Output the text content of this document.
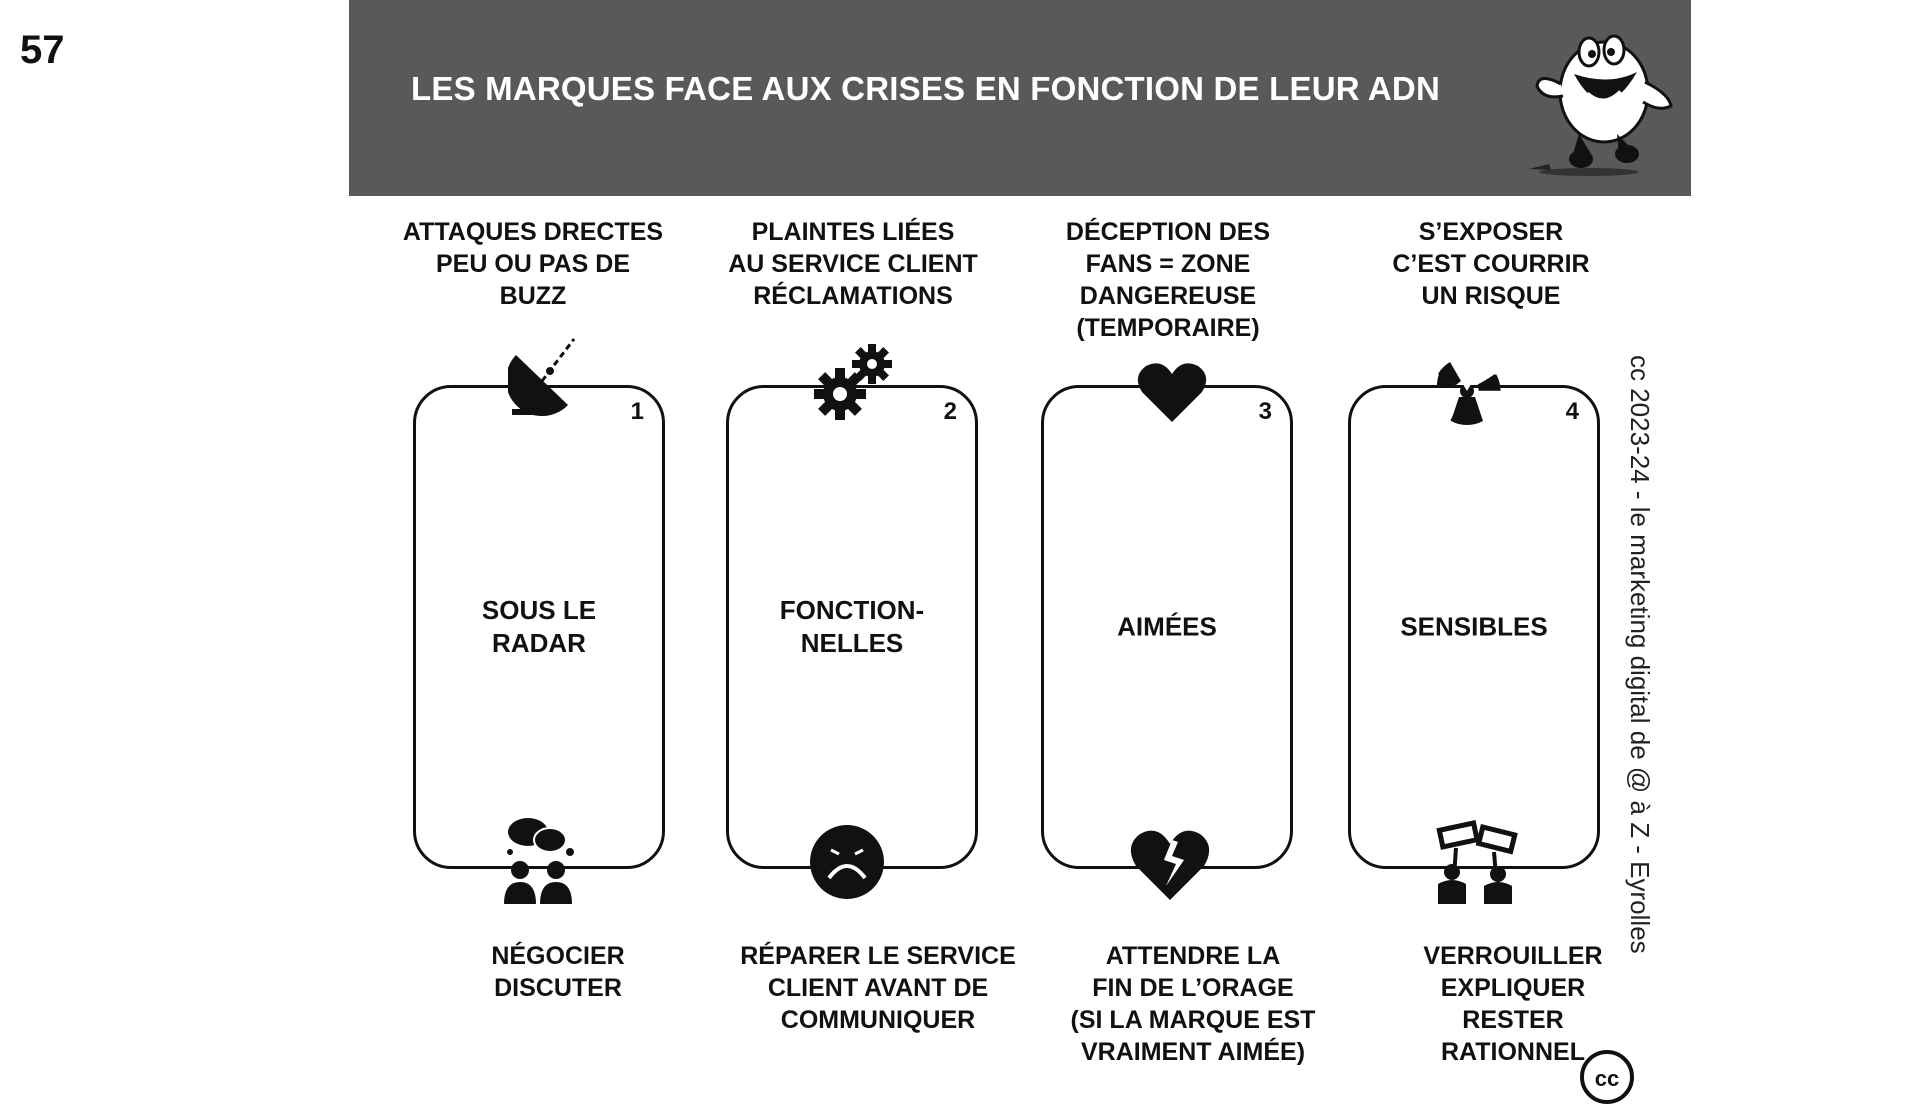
57
LES MARQUES FACE AUX CRISES EN FONCTION DE LEUR ADN
ATTAQUES DRECTES
PEU OU PAS DE
BUZZ
1
SOUS LE
RADAR
NÉGOCIER
DISCUTER
PLAINTES LIÉES
AU SERVICE CLIENT
RÉCLAMATIONS
2
FONCTION-
NELLES
RÉPARER LE SERVICE
CLIENT AVANT DE
COMMUNIQUER
DÉCEPTION DES
FANS = ZONE
DANGEREUSE
(TEMPORAIRE)
3
AIMÉES
ATTENDRE LA
FIN DE L’ORAGE
(SI LA MARQUE EST
VRAIMENT AIMÉE)
S’EXPOSER
C’EST COURRIR
UN RISQUE
4
SENSIBLES
VERROUILLER
EXPLIQUER
RESTER
RATIONNEL
cc 2023-24 - le marketing digital de @ à Z - Eyrolles
cc
